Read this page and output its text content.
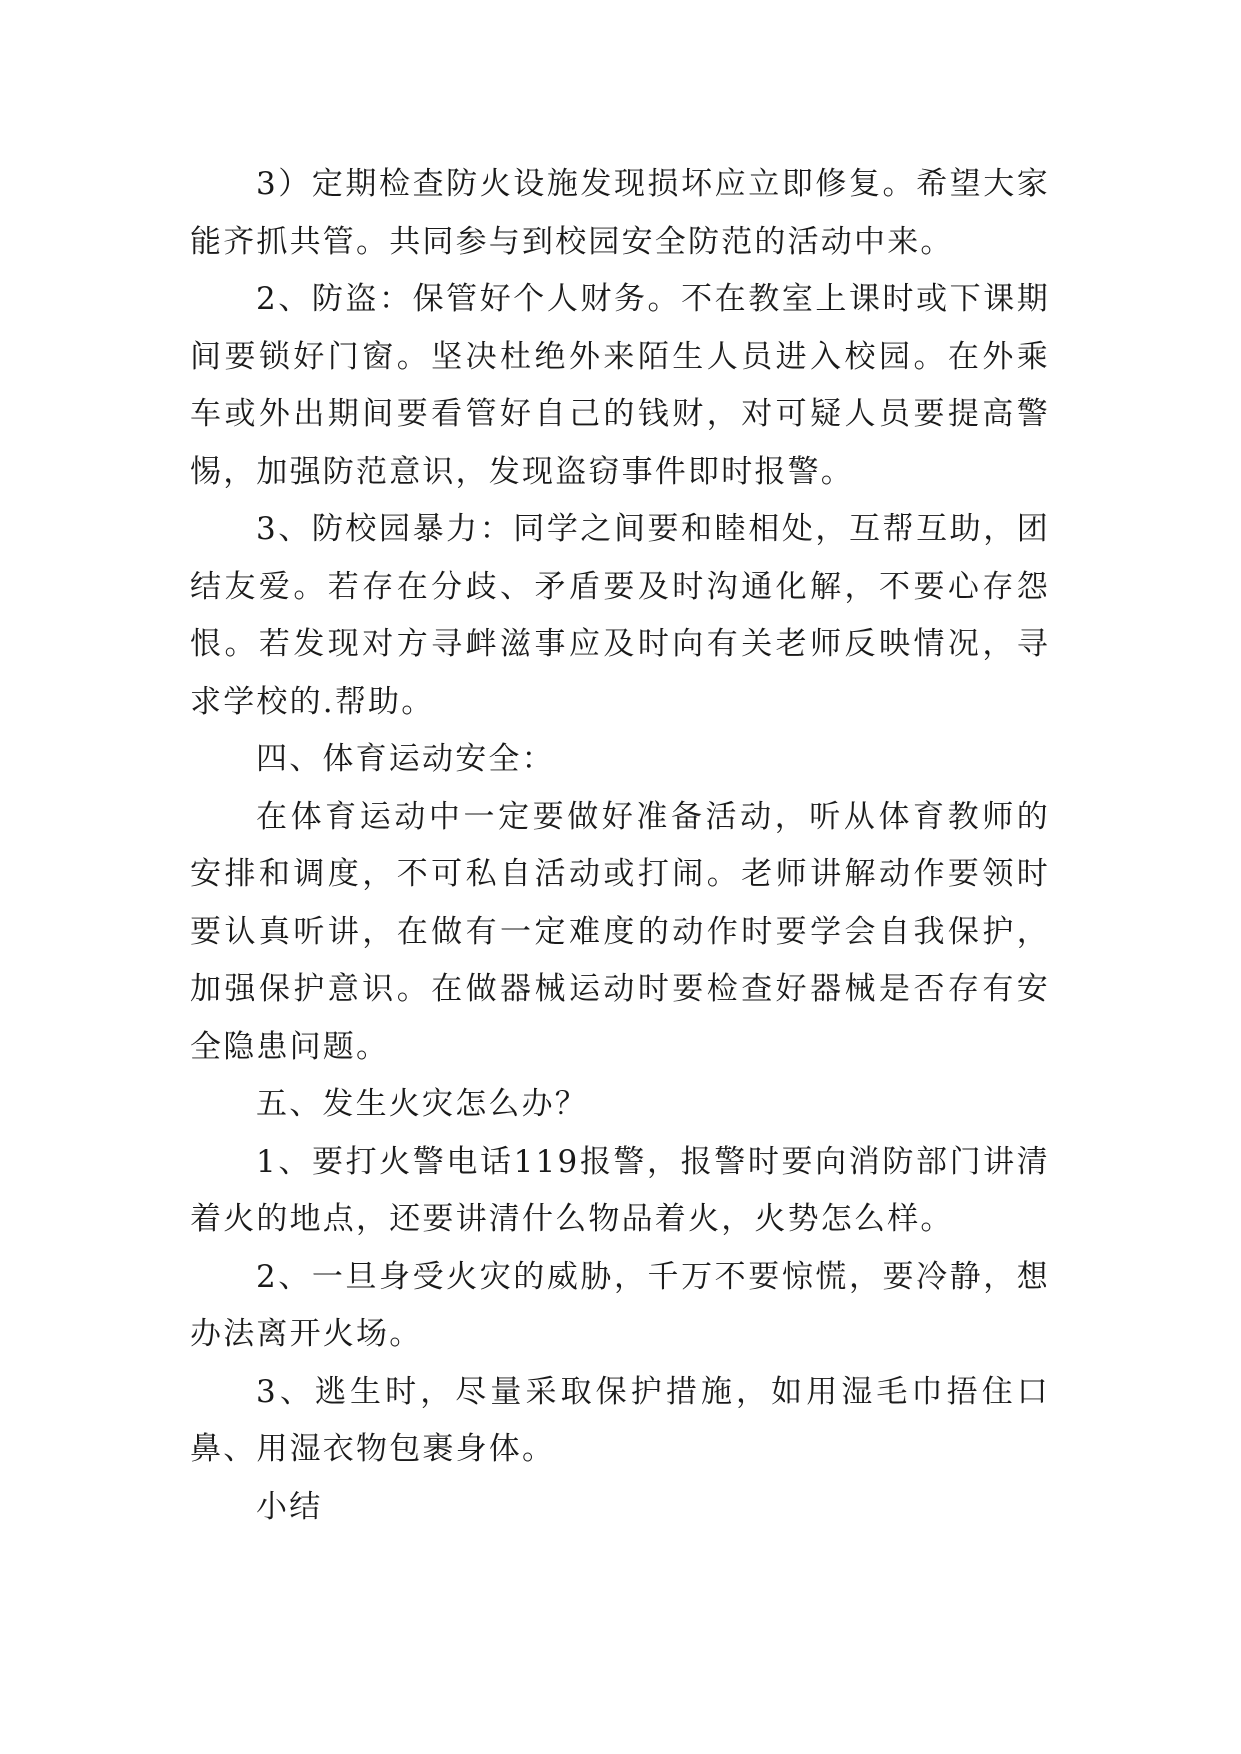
3）定期检查防火设施发现损坏应立即修复。希望大家能齐抓共管。共同参与到校园安全防范的活动中来。

2、防盗：保管好个人财务。不在教室上课时或下课期间要锁好门窗。坚决杜绝外来陌生人员进入校园。在外乘车或外出期间要看管好自己的钱财，对可疑人员要提高警惕，加强防范意识，发现盗窃事件即时报警。

3、防校园暴力：同学之间要和睦相处，互帮互助，团结友爱。若存在分歧、矛盾要及时沟通化解，不要心存怨恨。若发现对方寻衅滋事应及时向有关老师反映情况，寻求学校的.帮助。

四、体育运动安全：

在体育运动中一定要做好准备活动，听从体育教师的安排和调度，不可私自活动或打闹。老师讲解动作要领时要认真听讲，在做有一定难度的动作时要学会自我保护，加强保护意识。在做器械运动时要检查好器械是否存有安全隐患问题。

五、发生火灾怎么办？

1、要打火警电话119报警，报警时要向消防部门讲清着火的地点，还要讲清什么物品着火，火势怎么样。

2、一旦身受火灾的威胁，千万不要惊慌，要冷静，想办法离开火场。

3、逃生时，尽量采取保护措施，如用湿毛巾捂住口鼻、用湿衣物包裹身体。

小结
